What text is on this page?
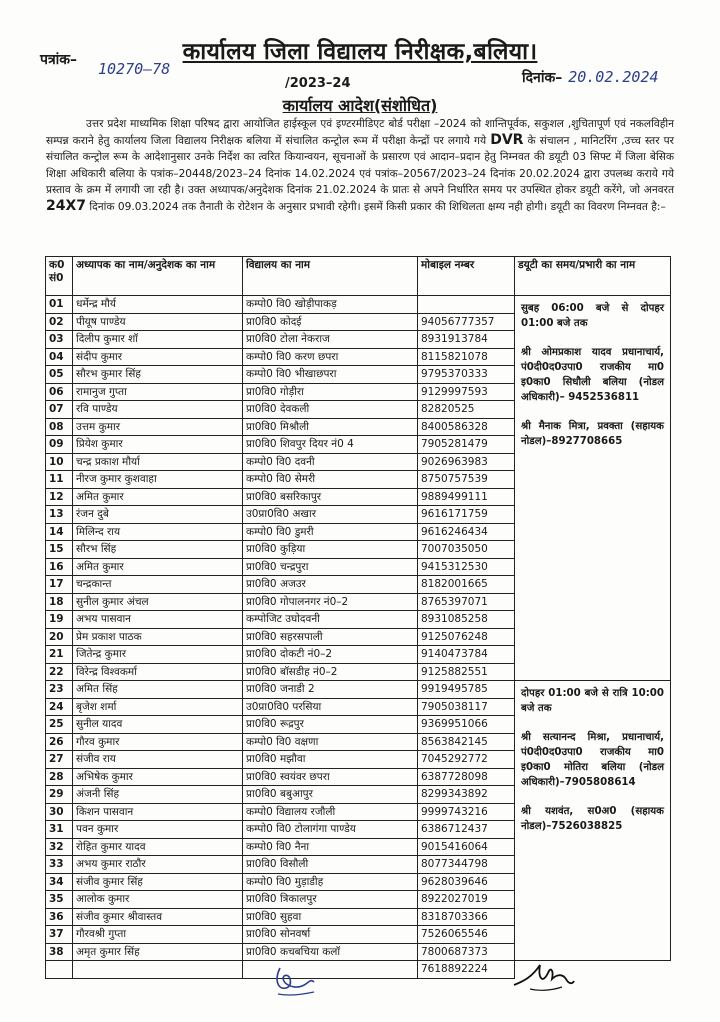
कार्यालय जिला विद्यालय निरीक्षक,बलिया।
पत्रांक– 10270–78
/2023–24	दिनांक– 20.02.2024
कार्यालय आदेश(संशोधित)
उत्तर प्रदेश माध्यमिक शिक्षा परिषद द्वारा आयोजित हाईस्कूल एवं इण्टरमीडिएट बोर्ड परीक्षा –2024 को शान्तिपूर्वक, सकुशल ,शुचितापूर्ण एवं नकलविहीन सम्पन्न कराने हेतु कार्यालय जिला विद्यालय निरीक्षक बलिया में संचालित कन्ट्रोल रूम में परीक्षा केन्द्रों पर लगाये गये DVR के संचालन , मानिटरिंग ,उच्च स्तर पर संचालित कन्ट्रोल रूम के आदेशानुसार उनके निर्देश का त्वरित कियान्वयन, सूचनाओं के प्रसारण एवं आदान–प्रदान हेतु निम्नवत की डयूटी 03 सिफ्ट में जिला बेसिक शिक्षा अधिकारी बलिया के पत्रांक–20448/2023–24 दिनांक 14.02.2024 एवं पत्रांक–20567/2023–24 दिनांक 20.02.2024 द्वारा उपलब्ध कराये गये प्रस्ताव के क्रम में लगायी जा रही है। उक्त अध्यापक/अनुदेशक दिनांक 21.02.2024 के प्रातः से अपने निर्धारित समय पर उपस्थित होकर डयूटी करेंगे, जो अनवरत 24X7 दिनांक 09.03.2024 तक तैनाती के रोटेशन के अनुसार प्रभावी रहेगी। इसमें किसी प्रकार की शिथिलता क्षम्य नही होगी। डयूटी का विवरण निम्नवत है:–
क0 सं0	अध्यापक का नाम/अनुदेशक का नाम	विद्यालय का नाम	मोबाइल नम्बर	डयूटी का समय/प्रभारी का नाम
01	धर्मेन्द्र मौर्य	कम्पो0 वि0 खोड़ीपाकड़		सुबह 06:00 बजे से दोपहर 01:00 बजे तक

श्री ओमप्रकाश यादव प्रधानाचार्य, पं0दी0द0उपा0 राजकीय मा0 इ0का0 सिधौली बलिया (नोडल अधिकारी)– 9452536811

श्री मैनाक मित्रा, प्रवक्ता (सहायक नोडल)–8927708665

02	पीयूष पाण्डेय	प्रा0वि0 कोदई	94056777357	
03	दिलीप कुमार शॉ	प्रा0वि0 टोला नेकराज	8931913784	
04	संदीप कुमार	कम्पो0 वि0 करण छपरा	8115821078	
05	सौरभ कुमार सिंह	कम्पो0 वि0 भीखाछपरा	9795370333	
06	रामानुज गुप्ता	प्रा0वि0 गोड़ीरा	9129997593	
07	रवि पाण्डेय	प्रा0वि0 देवकली	82820525	
08	उत्तम कुमार	प्रा0वि0 मिश्रौली	8400586328	
09	प्रियेश कुमार	प्रा0वि0 शिवपुर दियर नं0 4	7905281479	
10	चन्द्र प्रकाश मौर्या	कम्पो0 वि0 दवनी	9026963983	
11	नीरज कुमार कुशवाहा	कम्पो0 वि0 सेमरी	8750757539	
12	अमित कुमार	प्रा0वि0 बसरिकापुर	9889499111	
13	रंजन दुबे	उ0प्रा0वि0 अखार	9616171759	
14	मिलिन्द राय	कम्पो0 वि0 डुमरी	9616246434	
15	सौरभ सिंह	प्रा0वि0 कुड़िया	7007035050	
16	अमित कुमार	प्रा0वि0 चन्द्रपुरा	9415312530	
17	चन्द्रकान्त	प्रा0वि0 अजउर	8182001665	
18	सुनील कुमार अंचल	प्रा0वि0 गोपालनगर नं0–2	8765397071	
19	अभय पासवान	कम्पोजिट उघोदवनी	8931085258	
20	प्रेम प्रकाश पाठक	प्रा0वि0 सहरसपाली	9125076248	
21	जितेन्द्र कुमार	प्रा0वि0 दोकटी नं0–2	9140473784	
22	विरेन्द्र विश्वकर्मा	प्रा0वि0 बॉसडीह नं0–2	9125882551	
23	अमित सिंह	प्रा0वि0 जनाडी 2	9919495785	दोपहर 01:00 बजे से रात्रि 10:00 बजे तक

श्री सत्यानन्द मिश्रा, प्रधानाचार्य, पं0दी0द0उपा0 राजकीय मा0 इ0का0 मोतिरा बलिया (नोडल अधिकारी)–7905808614

श्री यशवंत, स0अ0 (सहायक नोडल)–7526038825

24	बृजेश शर्मा	उ0प्रा0वि0 परसिया	7905038117	
25	सुनील यादव	प्रा0वि0 रूद्रपुर	9369951066	
26	गौरव कुमार	कम्पो0 वि0 वक्षणा	8563842145	
27	संजीव राय	प्रा0वि0 मझौवा	7045292772	
28	अभिषेक कुमार	प्रा0वि0 स्वयंवर छपरा	6387728098	
29	अंजनी सिंह	प्रा0वि0 बबुआपुर	8299343892	
30	किशन पासवान	कम्पो0 विद्यालय रजौली	9999743216	
31	पवन कुमार	कम्पो0 वि0 टोलागंगा पाण्डेय	6386712437	
32	रोहित कुमार यादव	कम्पो0 वि0 नैना	9015416064	
33	अभय कुमार राठौर	प्रा0वि0 विसौली	8077344798	
34	संजीव कुमार सिंह	कम्पो0 वि0 मुड़ाडीह	9628039646	
35	आलोक कुमार	प्रा0वि0 त्रिकालपुर	8922027019	
36	संजीव कुमार श्रीवास्तव	प्रा0वि0 सुहवा	8318703366	
37	गौरवश्री गुप्ता	प्रा0वि0 सोनवर्षा	7526065546	
38	अमृत कुमार सिंह	प्रा0वि0 कचबचिया कलॉ	7800687373	
			7618892224	
